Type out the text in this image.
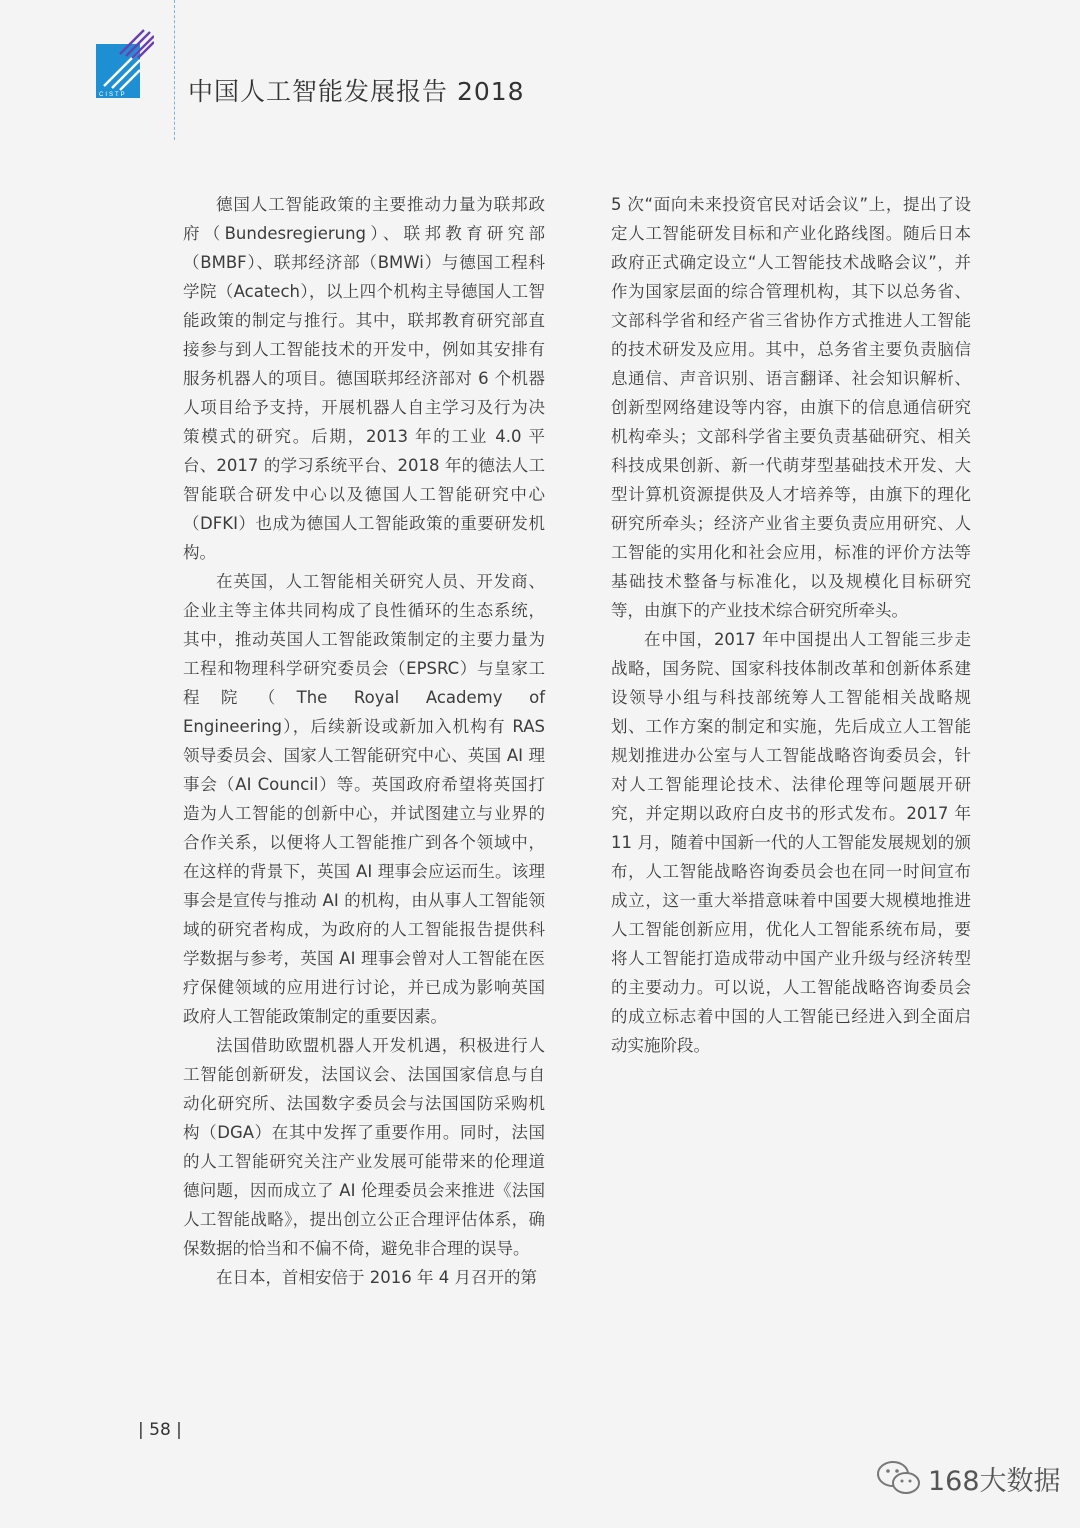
CISTP 中国人工智能发展报告 2018

德国人工智能政策的主要推动力量为联邦政府（Bundesregierung）、联邦教育研究部（BMBF）、联邦经济部（BMWi）与德国工程科学院（Acatech），以上四个机构主导德国人工智能政策的制定与推行。其中，联邦教育研究部直接参与到人工智能技术的开发中，例如其安排有服务机器人的项目。德国联邦经济部对 6 个机器人项目给予支持，开展机器人自主学习及行为决策模式的研究。后期，2013 年的工业 4.0 平台、2017 的学习系统平台、2018 年的德法人工智能联合研发中心以及德国人工智能研究中心（DFKI）也成为德国人工智能政策的重要研发机构。

在英国，人工智能相关研究人员、开发商、企业主等主体共同构成了良性循环的生态系统，其中，推动英国人工智能政策制定的主要力量为工程和物理科学研究委员会（EPSRC）与皇家工程院（The Royal Academy of Engineering），后续新设或新加入机构有 RAS 领导委员会、国家人工智能研究中心、英国 AI 理事会（AI Council）等。英国政府希望将英国打造为人工智能的创新中心，并试图建立与业界的合作关系，以便将人工智能推广到各个领域中，在这样的背景下，英国 AI 理事会应运而生。该理事会是宣传与推动 AI 的机构，由从事人工智能领域的研究者构成，为政府的人工智能报告提供科学数据与参考，英国 AI 理事会曾对人工智能在医疗保健领域的应用进行讨论，并已成为影响英国政府人工智能政策制定的重要因素。

法国借助欧盟机器人开发机遇，积极进行人工智能创新研发，法国议会、法国国家信息与自动化研究所、法国数字委员会与法国国防采购机构（DGA）在其中发挥了重要作用。同时，法国的人工智能研究关注产业发展可能带来的伦理道德问题，因而成立了 AI 伦理委员会来推进《法国人工智能战略》，提出创立公正合理评估体系，确保数据的恰当和不偏不倚，避免非合理的误导。

在日本，首相安倍于 2016 年 4 月召开的第

5 次“面向未来投资官民对话会议”上，提出了设定人工智能研发目标和产业化路线图。随后日本政府正式确定设立“人工智能技术战略会议”，并作为国家层面的综合管理机构，其下以总务省、文部科学省和经产省三省协作方式推进人工智能的技术研发及应用。其中，总务省主要负责脑信息通信、声音识别、语言翻译、社会知识解析、创新型网络建设等内容，由旗下的信息通信研究机构牵头；文部科学省主要负责基础研究、相关科技成果创新、新一代萌芽型基础技术开发、大型计算机资源提供及人才培养等，由旗下的理化研究所牵头；经济产业省主要负责应用研究、人工智能的实用化和社会应用，标准的评价方法等基础技术整备与标准化，以及规模化目标研究等，由旗下的产业技术综合研究所牵头。

在中国，2017 年中国提出人工智能三步走战略，国务院、国家科技体制改革和创新体系建设领导小组与科技部统筹人工智能相关战略规划、工作方案的制定和实施，先后成立人工智能规划推进办公室与人工智能战略咨询委员会，针对人工智能理论技术、法律伦理等问题展开研究，并定期以政府白皮书的形式发布。2017 年 11 月，随着中国新一代的人工智能发展规划的颁布，人工智能战略咨询委员会也在同一时间宣布成立，这一重大举措意味着中国要大规模地推进人工智能创新应用，优化人工智能系统布局，要将人工智能打造成带动中国产业升级与经济转型的主要动力。可以说，人工智能战略咨询委员会的成立标志着中国的人工智能已经进入到全面启动实施阶段。

| 58 |
168大数据
